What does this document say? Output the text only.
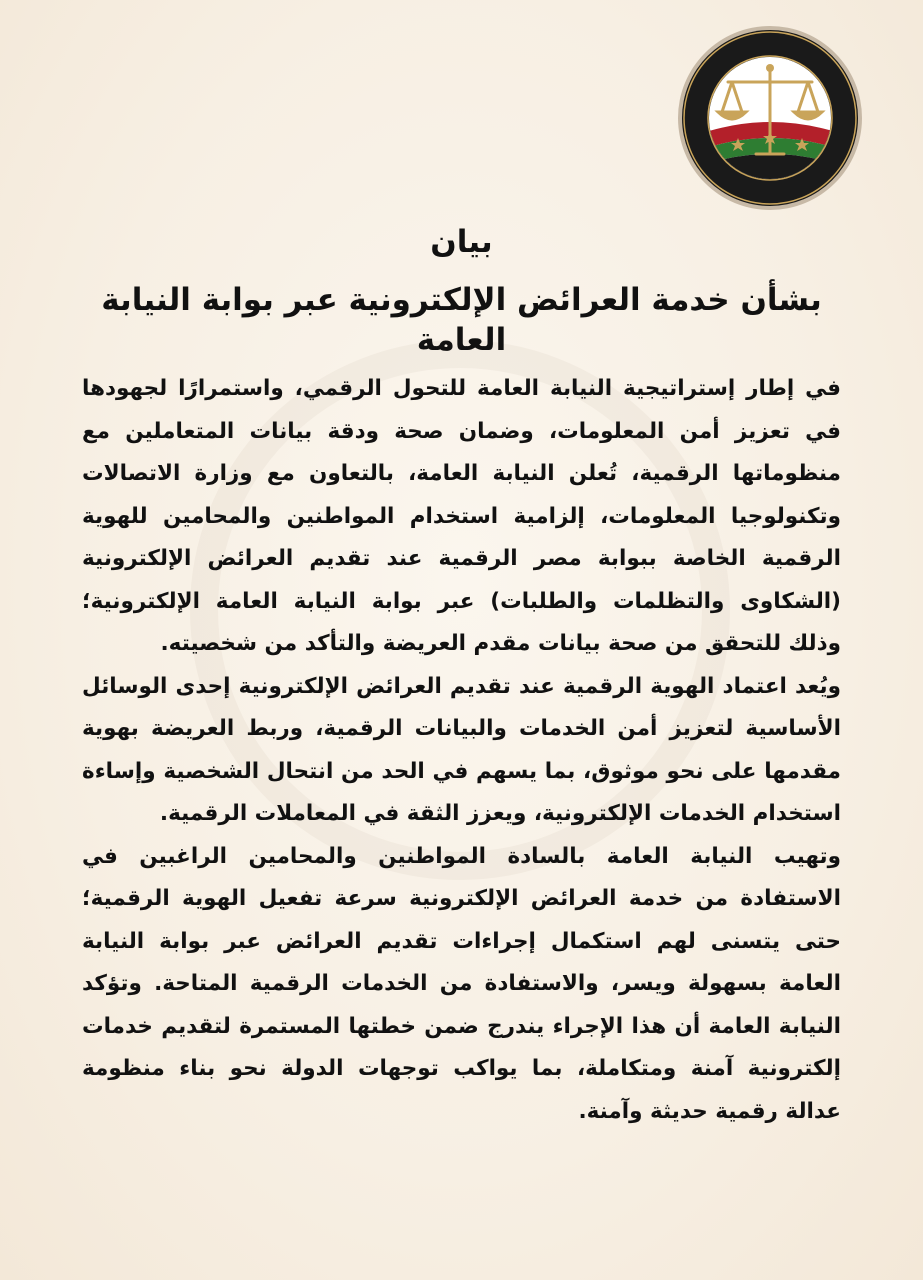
بيان
بشأن خدمة العرائض الإلكترونية عبر بوابة النيابة العامة

في إطار إستراتيجية النيابة العامة للتحول الرقمي، واستمرارًا لجهودها في تعزيز أمن المعلومات، وضمان صحة ودقة بيانات المتعاملين مع منظوماتها الرقمية، تُعلن النيابة العامة، بالتعاون مع وزارة الاتصالات وتكنولوجيا المعلومات، إلزامية استخدام المواطنين والمحامين للهوية الرقمية الخاصة ببوابة مصر الرقمية عند تقديم العرائض الإلكترونية (الشكاوى والتظلمات والطلبات) عبر بوابة النيابة العامة الإلكترونية؛ وذلك للتحقق من صحة بيانات مقدم العريضة والتأكد من شخصيته.

ويُعد اعتماد الهوية الرقمية عند تقديم العرائض الإلكترونية إحدى الوسائل الأساسية لتعزيز أمن الخدمات والبيانات الرقمية، وربط العريضة بهوية مقدمها على نحو موثوق، بما يسهم في الحد من انتحال الشخصية وإساءة استخدام الخدمات الإلكترونية، ويعزز الثقة في المعاملات الرقمية.

وتهيب النيابة العامة بالسادة المواطنين والمحامين الراغبين في الاستفادة من خدمة العرائض الإلكترونية سرعة تفعيل الهوية الرقمية؛ حتى يتسنى لهم استكمال إجراءات تقديم العرائض عبر بوابة النيابة العامة بسهولة ويسر، والاستفادة من الخدمات الرقمية المتاحة. وتؤكد النيابة العامة أن هذا الإجراء يندرج ضمن خطتها المستمرة لتقديم خدمات إلكترونية آمنة ومتكاملة، بما يواكب توجهات الدولة نحو بناء منظومة عدالة رقمية حديثة وآمنة.
